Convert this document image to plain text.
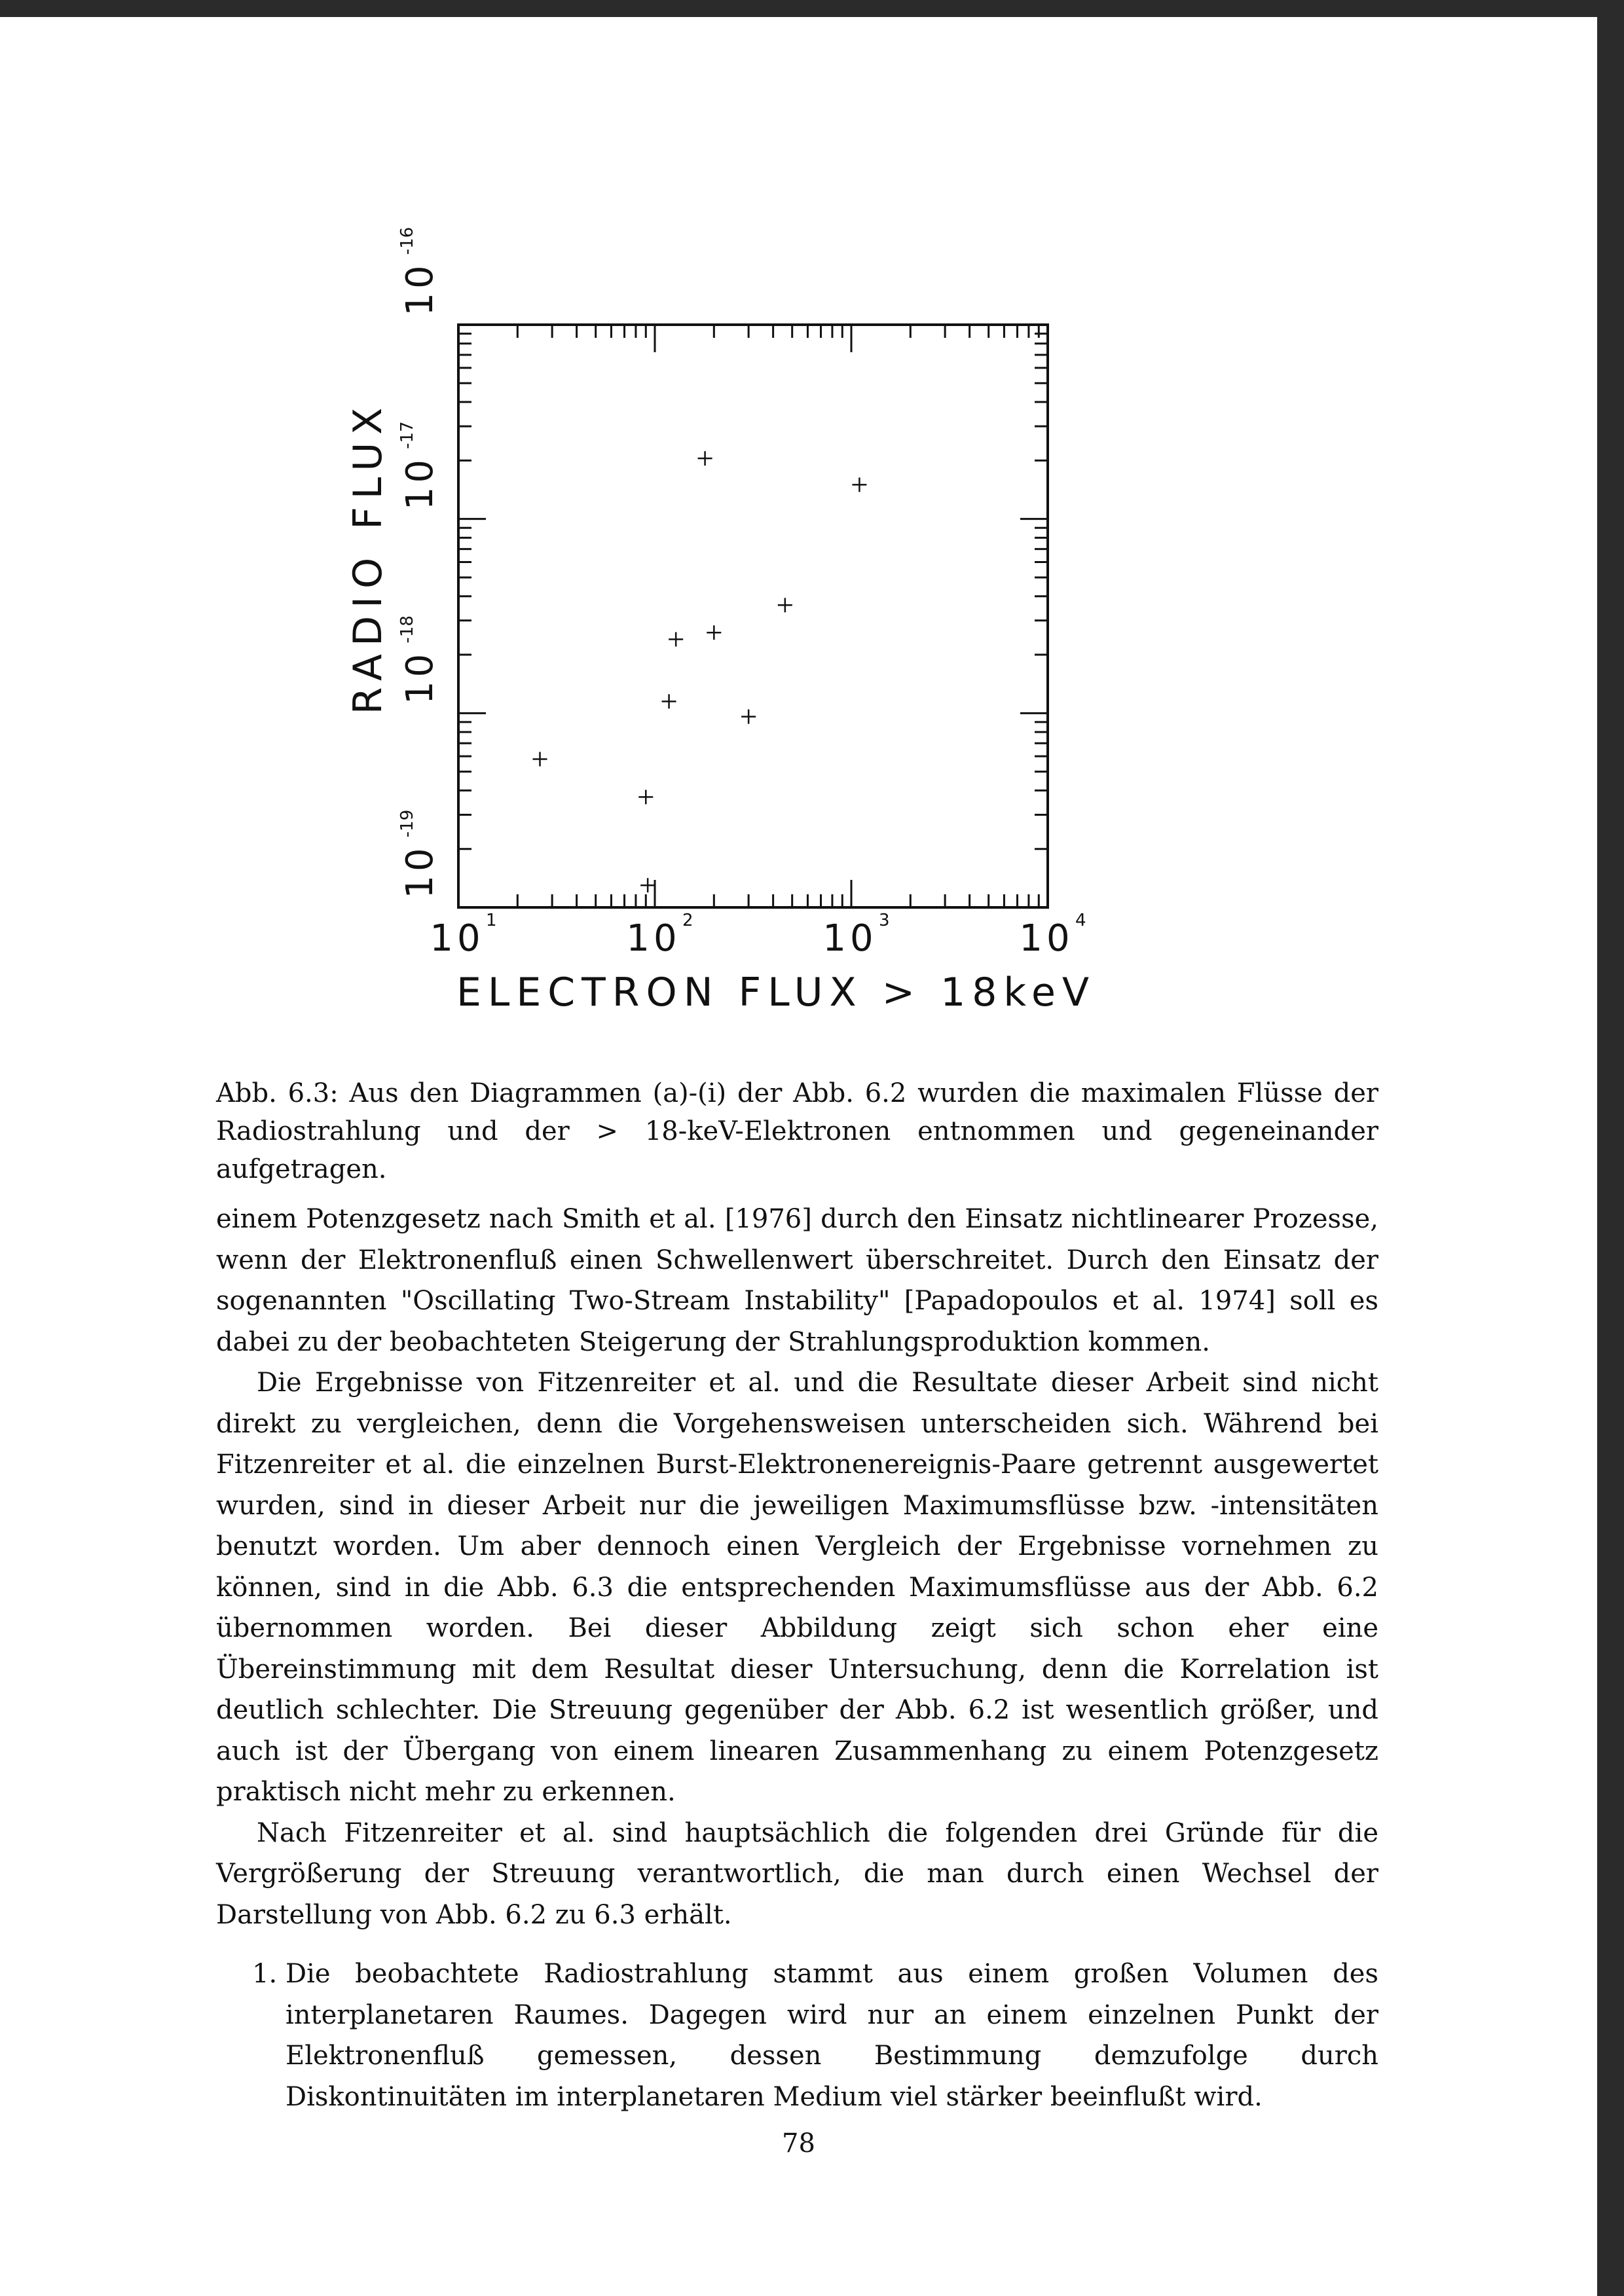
10 1	10 2	10 3	10 4
10
-19
10
-18
10
-17
10
-16
ELECTRON FLUX > 18keV
RADIO FLUX

Abb. 6.3: Aus den Diagrammen (a)-(i) der Abb. 6.2 wurden die maximalen Flüsse der Radiostrahlung und der > 18-keV-Elektronen entnommen und gegeneinander aufgetragen.

einem Potenzgesetz nach Smith et al. [1976] durch den Einsatz nichtlinearer Prozesse, wenn der Elektronenfluß einen Schwellenwert überschreitet. Durch den Einsatz der sogenannten "Oscillating Two-Stream Instability" [Papadopoulos et al. 1974] soll es dabei zu der beobachteten Steigerung der Strahlungsproduktion kommen.

Die Ergebnisse von Fitzenreiter et al. und die Resultate dieser Arbeit sind nicht direkt zu vergleichen, denn die Vorgehensweisen unterscheiden sich. Während bei Fitzenreiter et al. die einzelnen Burst-Elektronenereignis-Paare getrennt ausgewertet wurden, sind in dieser Arbeit nur die jeweiligen Maximumsflüsse bzw. -intensitäten benutzt worden. Um aber dennoch einen Vergleich der Ergebnisse vornehmen zu können, sind in die Abb. 6.3 die entsprechenden Maximumsflüsse aus der Abb. 6.2 übernommen worden. Bei dieser Abbildung zeigt sich schon eher eine Übereinstimmung mit dem Resultat dieser Untersuchung, denn die Korrelation ist deutlich schlechter. Die Streuung gegenüber der Abb. 6.2 ist wesentlich größer, und auch ist der Übergang von einem linearen Zusammenhang zu einem Potenzgesetz praktisch nicht mehr zu erkennen.

Nach Fitzenreiter et al. sind hauptsächlich die folgenden drei Gründe für die Vergrößerung der Streuung verantwortlich, die man durch einen Wechsel der Darstellung von Abb. 6.2 zu 6.3 erhält.

1. Die beobachtete Radiostrahlung stammt aus einem großen Volumen des interplanetaren Raumes. Dagegen wird nur an einem einzelnen Punkt der Elektronenfluß gemessen, dessen Bestimmung demzufolge durch Diskontinuitäten im interplanetaren Medium viel stärker beeinflußt wird.
78
